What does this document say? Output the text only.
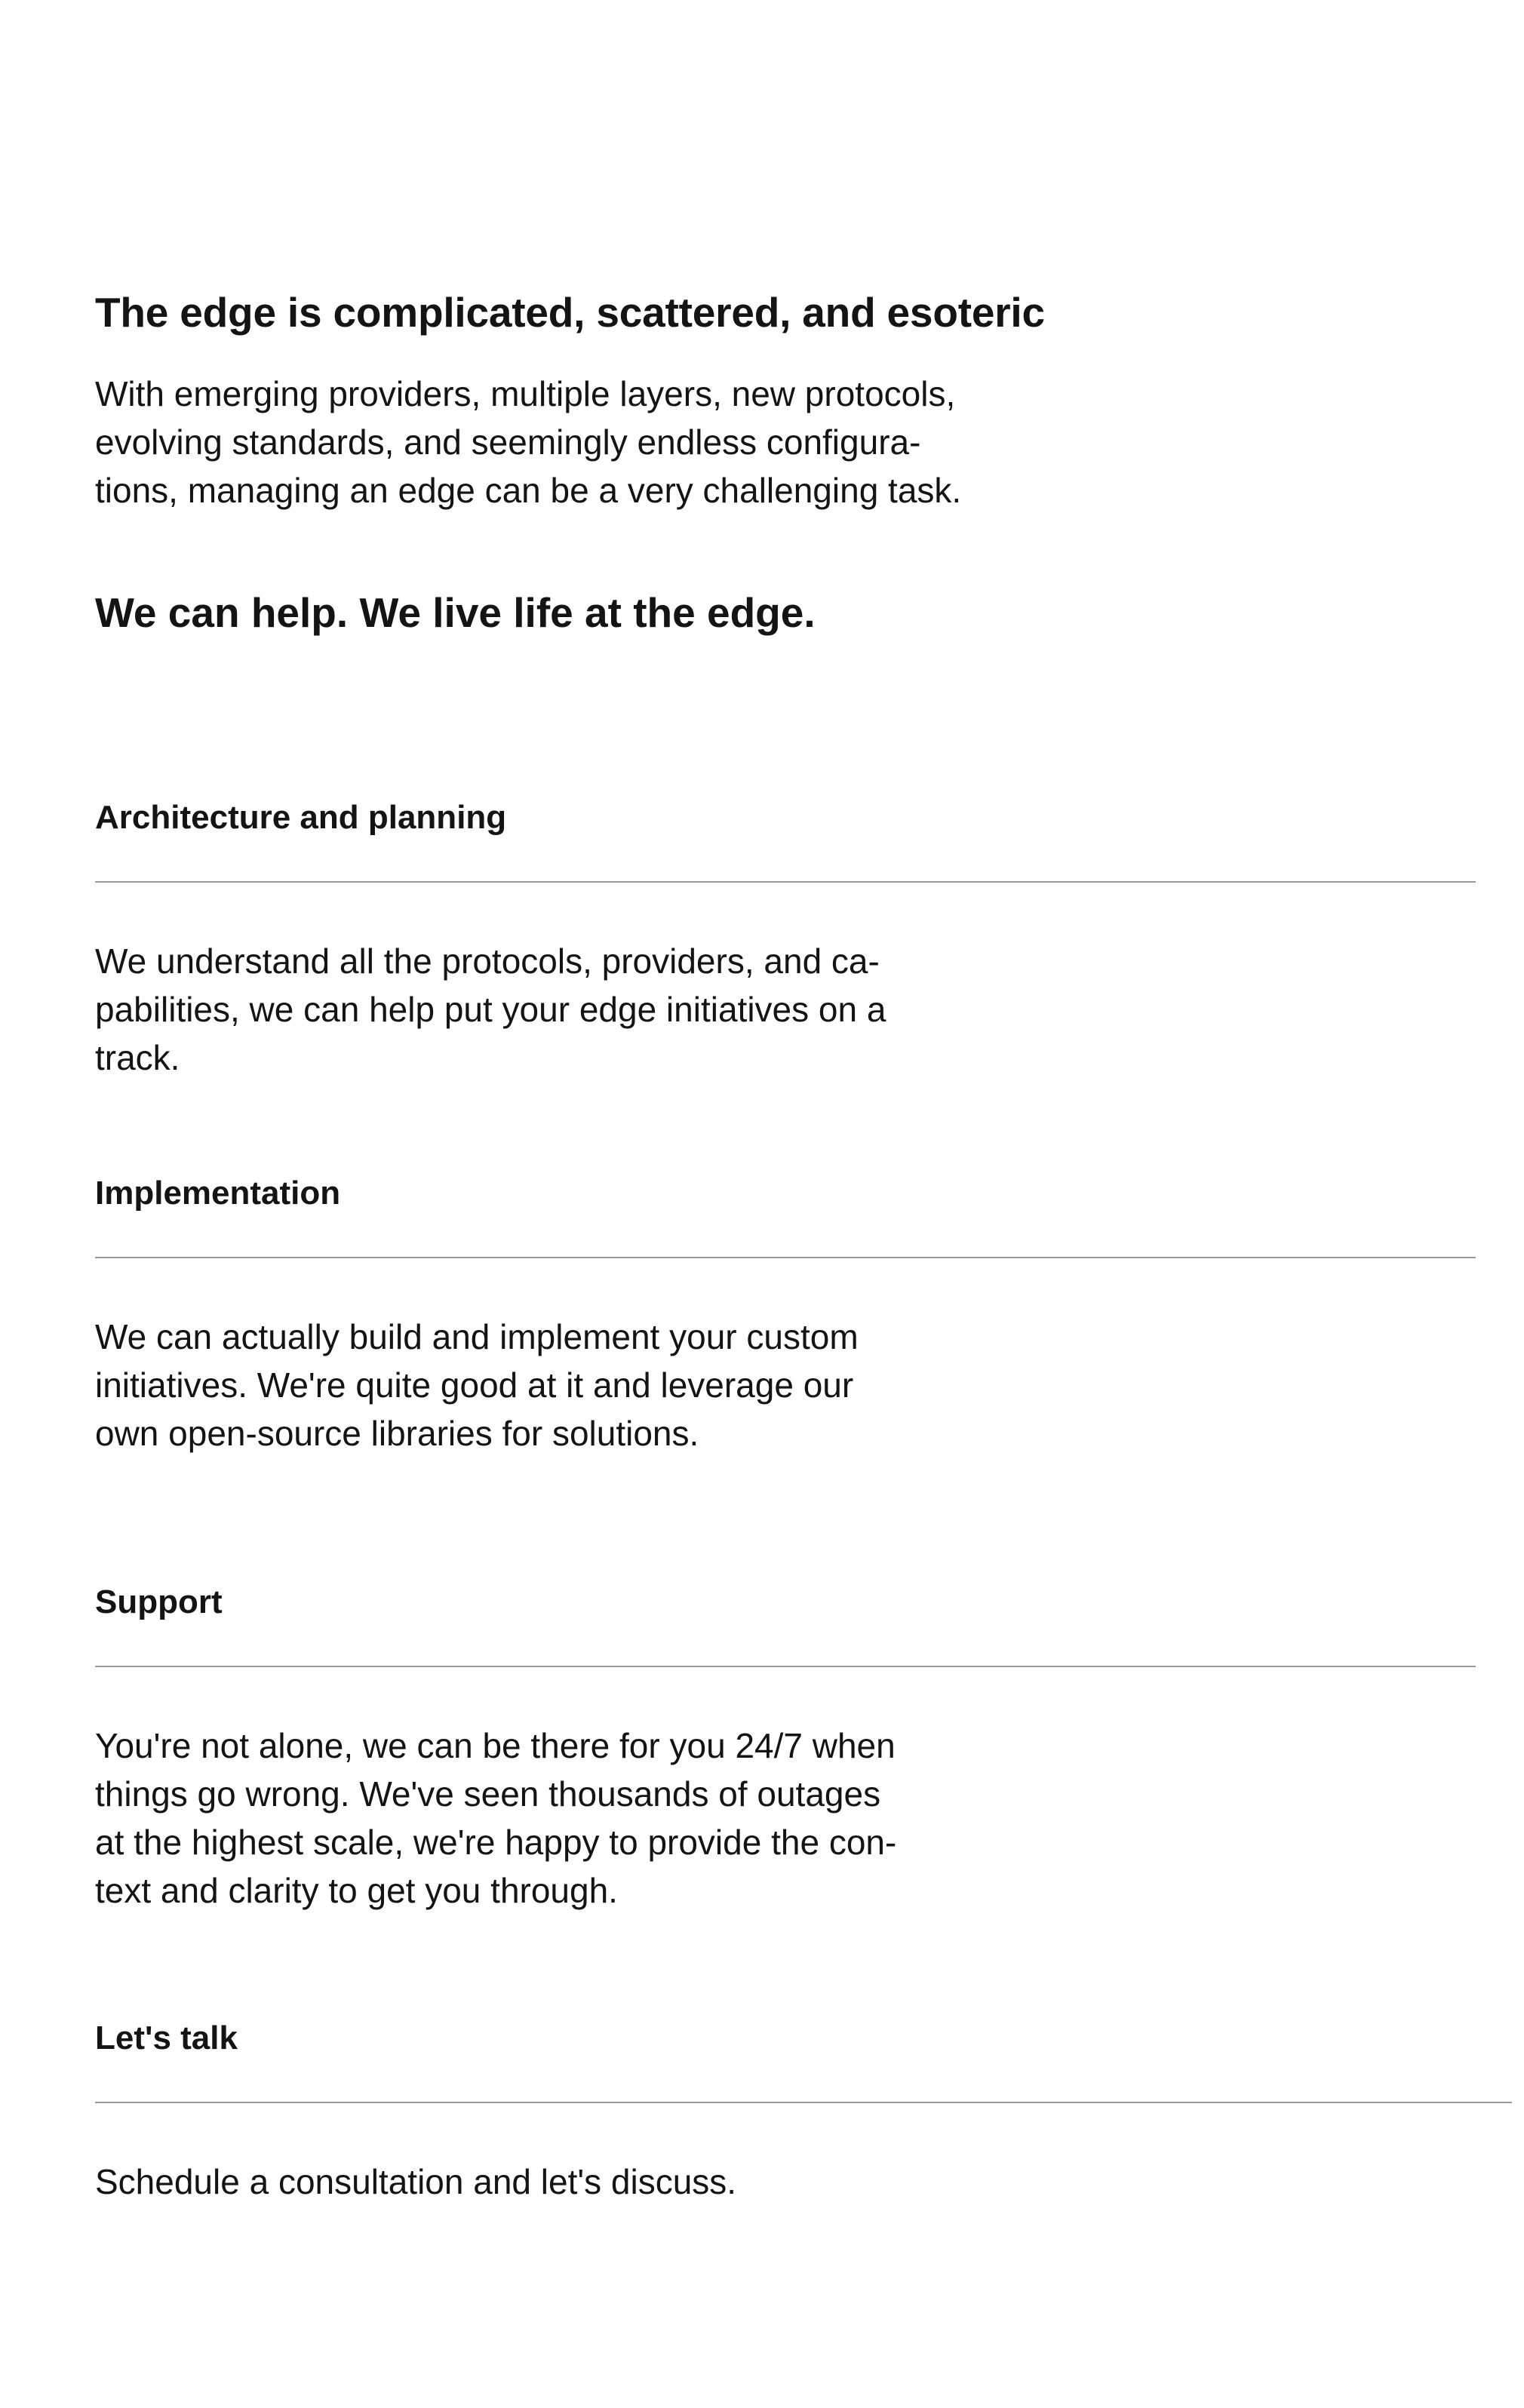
The edge is complicated, scattered, and esoteric

With emerging providers, multiple layers, new protocols,
evolving standards, and seemingly endless configura-
tions, managing an edge can be a very challenging task.

We can help. We live life at the edge.
Architecture and planning

We understand all the protocols, providers, and ca-
pabilities, we can help put your edge initiatives on a
track.

Implementation

We can actually build and implement your custom
initiatives. We're quite good at it and leverage our
own open-source libraries for solutions.

Support

You're not alone, we can be there for you 24/7 when
things go wrong. We've seen thousands of outages
at the highest scale, we're happy to provide the con-
text and clarity to get you through.

Let's talk

Schedule a consultation and let's discuss.
